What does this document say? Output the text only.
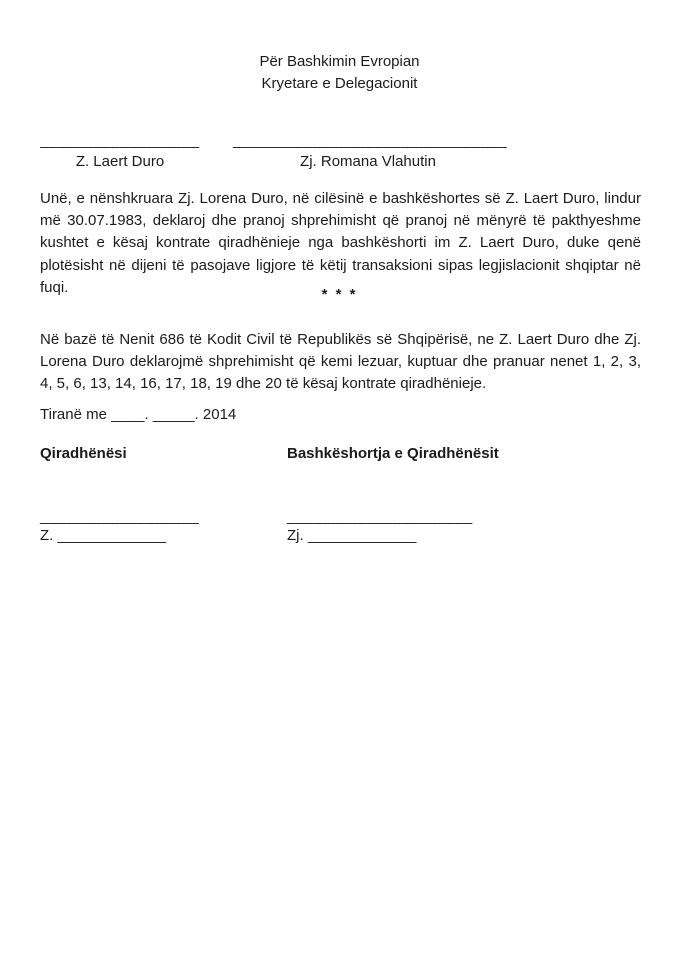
Për Bashkimin Evropian
Kryetare e Delegacionit
__________________
Z. Laert Duro
_______________________________
Zj. Romana Vlahutin

Unë, e nënshkruara Zj. Lorena Duro, në cilësinë e bashkëshortes së Z. Laert Duro, lindur më 30.07.1983, deklaroj dhe pranoj shprehimisht që pranoj në mënyrë të pakthyeshme kushtet e kësaj kontrate qiradhënieje nga bashkëshorti im Z. Laert Duro, duke qenë plotësisht në dijeni të pasojave ligjore të këtij transaksioni sipas legjislacionit shqiptar në fuqi.	* * *

Në bazë të Nenit 686 të Kodit Civil të Republikës së Shqipërisë, ne Z. Laert Duro dhe Zj. Lorena Duro deklarojmë shprehimisht që kemi lezuar, kuptuar dhe pranuar nenet 1, 2, 3, 4, 5, 6, 13, 14, 16, 17, 18, 19 dhe 20 të kësaj kontrate qiradhënieje.

Tiranë me ____. _____. 2014
Qiradhënësi	Bashkëshortja e Qiradhënësit
__________________
Z. _____________
_____________________
Zj. _____________
